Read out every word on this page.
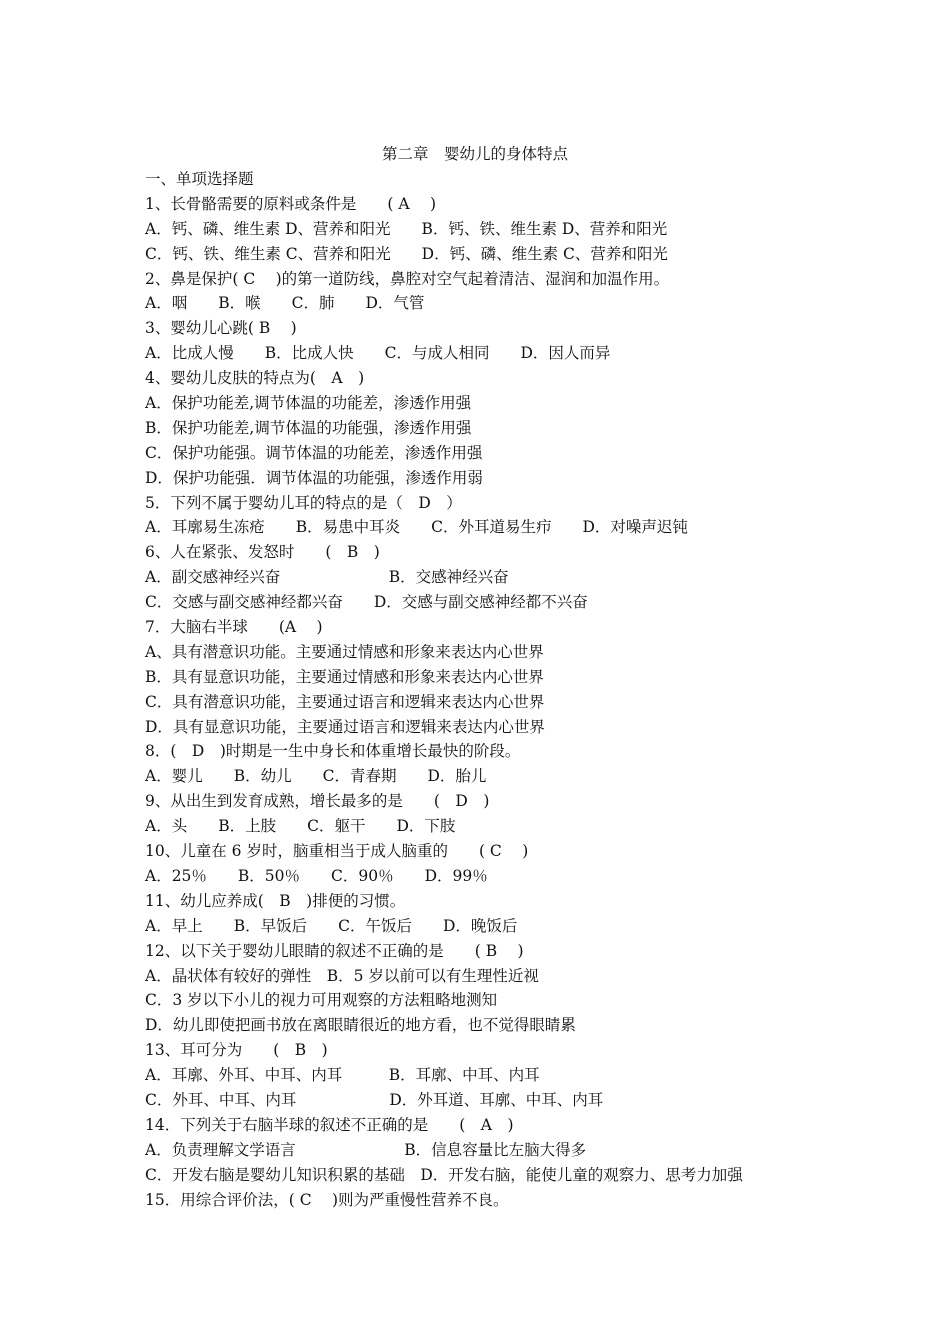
第二章　婴幼儿的身体特点
一、单项选择题
1、长骨骼需要的原料或条件是　　( A　 )
A．钙、磷、维生素 D、营养和阳光　　B．钙、铁、维生素 D、营养和阳光
C．钙、铁、维生素 C、营养和阳光　　D．钙、磷、维生素 C、营养和阳光
2、鼻是保护( C　 )的第一道防线，鼻腔对空气起着清洁、湿润和加温作用。
A．咽　　B．喉　　C．肺　　D．气管
3、婴幼儿心跳( B　 )
A．比成人慢　　B．比成人快　　C．与成人相同　　D．因人而异
4、婴幼儿皮肤的特点为(　A　)
A．保护功能差,调节体温的功能差，渗透作用强
B．保护功能差,调节体温的功能强，渗透作用强
C．保护功能强。调节体温的功能差，渗透作用强
D．保护功能强．调节体温的功能强，渗透作用弱
5．下列不属于婴幼儿耳的特点的是（　D　）
A．耳廓易生冻疮　　B．易患中耳炎　　C．外耳道易生疖　　D．对噪声迟钝
6、人在紧张、发怒时　　(　B　)
A．副交感神经兴奋　　　　　　　B．交感神经兴奋
C．交感与副交感神经都兴奋　　D．交感与副交感神经都不兴奋
7．大脑右半球　　(A　 )
A、具有潜意识功能。主要通过情感和形象来表达内心世界
B．具有显意识功能，主要通过情感和形象来表达内心世界
C．具有潜意识功能，主要通过语言和逻辑来表达内心世界
D．具有显意识功能，主要通过语言和逻辑来表达内心世界
8．(　D　)时期是一生中身长和体重增长最快的阶段。
A．婴儿　　B．幼儿　　C．青春期　　D．胎儿
9、从出生到发育成熟，增长最多的是　　(　D　)
A．头　　B．上肢　　C．躯干　　D．下肢
10、儿童在 6 岁时，脑重相当于成人脑重的　　( C　 )
A．25％　　B．50％　　C．90％　　D．99％
11、幼儿应养成(　B　)排便的习惯。
A．早上　　B．早饭后　　C．午饭后　　D．晚饭后
12、以下关于婴幼儿眼睛的叙述不正确的是　　( B　 )
A．晶状体有较好的弹性　B．5 岁以前可以有生理性近视
C．3 岁以下小儿的视力可用观察的方法粗略地测知
D．幼儿即使把画书放在离眼睛很近的地方看，也不觉得眼睛累
13、耳可分为　　(　B　)
A．耳廓、外耳、中耳、内耳　　　B．耳廓、中耳、内耳
C．外耳、中耳、内耳　　　　　　D．外耳道、耳廓、中耳、内耳
14．下列关于右脑半球的叙述不正确的是　　(　A　)
A．负责理解文学语言　　　　　　　B．信息容量比左脑大得多
C．开发右脑是婴幼儿知识积累的基础　D．开发右脑，能使儿童的观察力、思考力加强
15．用综合评价法，( C　 )则为严重慢性营养不良。
